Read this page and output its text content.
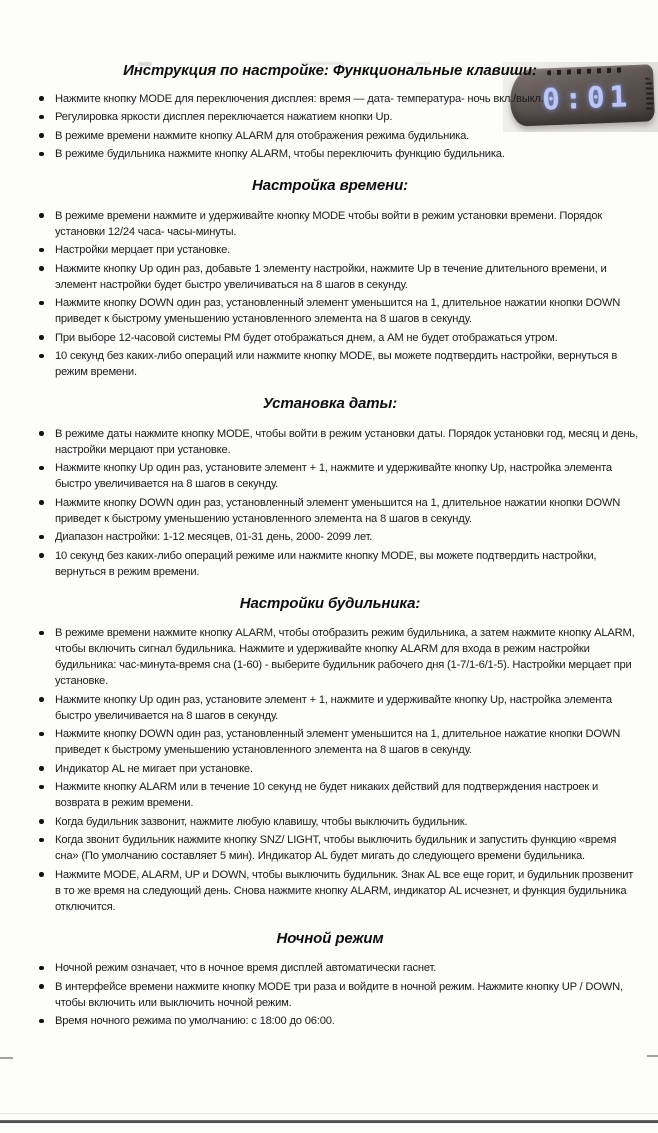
0:01
Инструкция по настройке: Функциональные клавиши:
Нажмите кнопку MODE для переключения дисплея: время — дата- температура- ночь вкл./выкл.
Регулировка яркости дисплея переключается нажатием кнопки Up.
В режиме времени нажмите кнопку ALARM для отображения режима будильника.
В режиме будильника нажмите кнопку ALARM, чтобы переключить функцию будильника.
Настройка времени:
В режиме времени нажмите и удерживайте кнопку MODE чтобы войти в режим установки времени. Порядок установки 12/24 часа- часы-минуты.
Настройки мерцает при установке.
Нажмите кнопку Up один раз, добавьте 1 элементу настройки, нажмите Up в течение длительного времени, и элемент настройки будет быстро увеличиваться на 8 шагов в секунду.
Нажмите кнопку DOWN один раз, установленный элемент уменьшится на 1, длительное нажатии кнопки DOWN приведет к быстрому уменьшению установленного элемента на 8 шагов в секунду.
При выборе 12-часовой системы PM будет отображаться днем, а AM не будет отображаться утром.
10 секунд без каких-либо операций или нажмите кнопку MODE, вы можете подтвердить настройки, вернуться в режим времени.
Установка даты:
В режиме даты нажмите кнопку MODE, чтобы войти в режим установки даты. Порядок установки год, месяц и день, настройки мерцают при установке.
Нажмите кнопку Up один раз, установите элемент + 1, нажмите и удерживайте кнопку Up, настройка элемента быстро увеличивается на 8 шагов в секунду.
Нажмите кнопку DOWN один раз, установленный элемент уменьшится на 1, длительное нажатии кнопки DOWN приведет к быстрому уменьшению установленного элемента на 8 шагов в секунду.
Диапазон настройки: 1-12 месяцев, 01-31 день, 2000- 2099 лет.
10 секунд без каких-либо операций режиме или нажмите кнопку MODE, вы можете подтвердить настройки, вернуться в режим времени.
Настройки будильника:
В режиме времени нажмите кнопку ALARM, чтобы отобразить режим будильника, а затем нажмите кнопку ALARM, чтобы включить сигнал будильника. Нажмите и удерживайте кнопку ALARM для входа в режим настройки будильника: час-минута-время сна (1-60) - выберите будильник рабочего дня (1-7/1-6/1-5). Настройки мерцает при установке.
Нажмите кнопку Up один раз, установите элемент + 1, нажмите и удерживайте кнопку Up, настройка элемента быстро увеличивается на 8 шагов в секунду.
Нажмите кнопку DOWN один раз, установленный элемент уменьшится на 1, длительное нажатие кнопки DOWN приведет к быстрому уменьшению установленного элемента на 8 шагов в секунду.
Индикатор AL не мигает при установке.
Нажмите кнопку ALARM или в течение 10 секунд не будет никаких действий для подтверждения настроек и возврата в режим времени.
Когда будильник зазвонит, нажмите любую клавишу, чтобы выключить будильник.
Когда звонит будильник нажмите кнопку SNZ/ LIGHT, чтобы выключить будильник и запустить функцию «время сна» (По умолчанию составляет 5 мин). Индикатор AL будет мигать до следующего времени будильника.
Нажмите MODE, ALARM, UP и DOWN, чтобы выключить будильник. Знак AL все еще горит, и будильник прозвенит в то же время на следующий день. Снова нажмите кнопку ALARM, индикатор AL исчезнет, и функция будильника отключится.
Ночной режим
Ночной режим означает, что в ночное время дисплей автоматически гаснет.
В интерфейсе времени нажмите кнопку MODE три раза и войдите в ночной режим. Нажмите кнопку UP / DOWN, чтобы включить или выключить ночной режим.
Время ночного режима по умолчанию: с 18:00 до 06:00.
